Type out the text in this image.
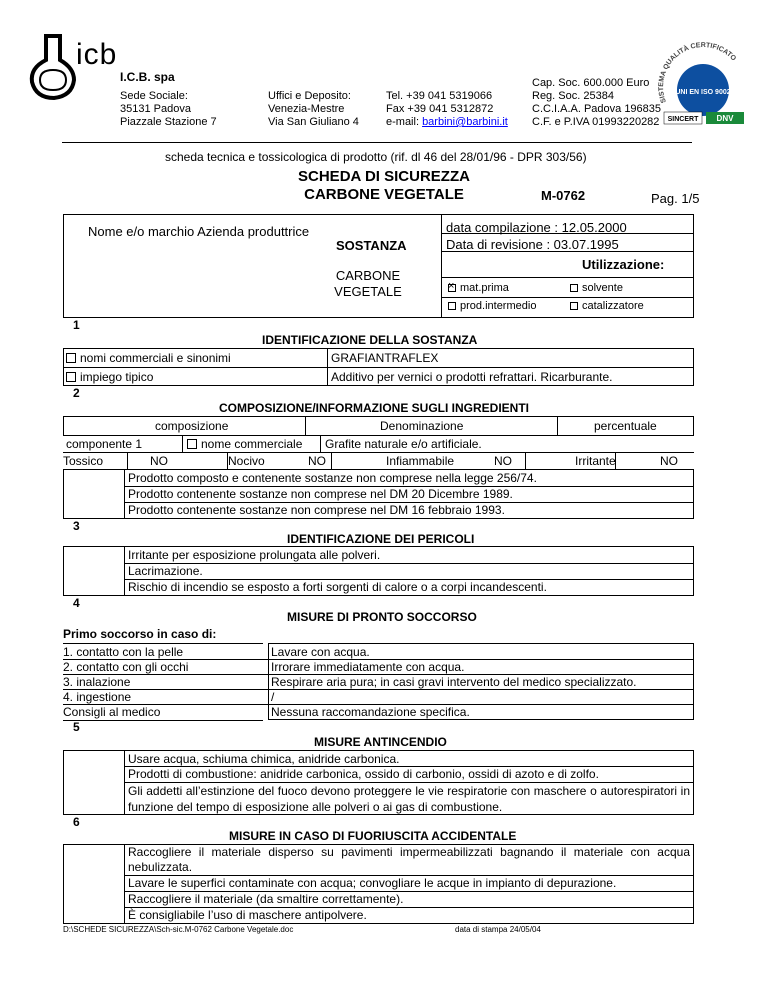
icb
I.C.B. spa
Sede Sociale:
35131 Padova
Piazzale Stazione 7
Uffici e Deposito:
Venezia-Mestre
Via San Giuliano 4
Tel. +39 041 5319066
Fax +39 041 5312872
e-mail: barbini@barbini.it
Cap. Soc. 600.000 Euro
Reg. Soc. 25384
C.C.I.A.A. Padova 196835
C.F. e P.IVA 01993220282
SISTEMA QUALITÀ CERTIFICATO
UNI EN ISO 9002
SINCERT DNV
scheda tecnica e tossicologica di prodotto (rif. dl 46 del 28/01/96 - DPR 303/56)
SCHEDA DI SICUREZZA
CARBONE VEGETALE	M-0762	Pag. 1/5
Nome e/o marchio Azienda produttrice	data compilazione : 12.05.2000
Data di revisione : 03.07.1995
SOSTANZA
Utilizzazione:
CARBONE
VEGETALE
×	mat.prima	solvente
prod.intermedio	catalizzatore
1
IDENTIFICAZIONE DELLA SOSTANZA
nomi commerciali e sinonimi	GRAFIANTRAFLEX
impiego tipico	Additivo per vernici o prodotti refrattari. Ricarburante.
2
COMPOSIZIONE/INFORMAZIONE SUGLI INGREDIENTI
composizione	Denominazione	percentuale
componente 1	nome commerciale Grafite naturale e/o artificiale.
Tossico	NO	Nocivo	NO	Infiammabile	NO	Irritante	NO
Prodotto composto e contenente sostanze non comprese nella legge 256/74.
Prodotto contenente sostanze non comprese nel DM 20 Dicembre 1989.
Prodotto contenente sostanze non comprese nel DM 16 febbraio 1993.
3
IDENTIFICAZIONE DEI PERICOLI
Irritante per esposizione prolungata alle polveri.
Lacrimazione.
Rischio di incendio se esposto a forti sorgenti di calore o a corpi incandescenti.
4
MISURE DI PRONTO SOCCORSO
Primo soccorso in caso di:
1. contatto con la pelle	Lavare con acqua.
2. contatto con gli occhi	Irrorare immediatamente con acqua.
3. inalazione	Respirare aria pura; in casi gravi intervento del medico specializzato.
4. ingestione	/
Consigli al medico	Nessuna raccomandazione specifica.
5
MISURE ANTINCENDIO
Usare acqua, schiuma chimica, anidride carbonica.
Prodotti di combustione: anidride carbonica, ossido di carbonio, ossidi di azoto e di zolfo.
Gli addetti all’estinzione del fuoco devono proteggere le vie respiratorie con maschere o autorespiratori in funzione del tempo di esposizione alle polveri o ai gas di combustione.
6
MISURE IN CASO DI FUORIUSCITA ACCIDENTALE
Raccogliere il materiale disperso su pavimenti impermeabilizzati bagnando il materiale con acqua nebulizzata.
Lavare le superfici contaminate con acqua; convogliare le acque in impianto di depurazione.
Raccogliere il materiale (da smaltire correttamente).
È consigliabile l’uso di maschere antipolvere.
D:\SCHEDE SICUREZZA\Sch-sic.M-0762 Carbone Vegetale.doc	data di stampa 24/05/04
